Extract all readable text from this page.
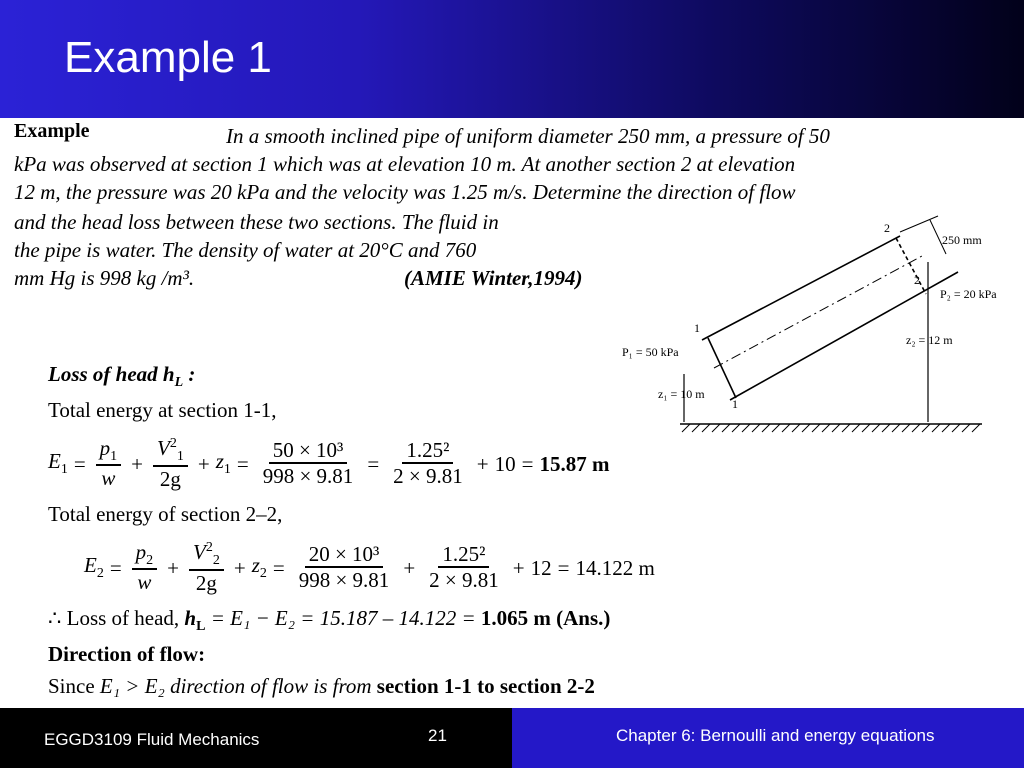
Example 1
Example	In a smooth inclined pipe of uniform diameter 250 mm, a pressure of 50
kPa was observed at section 1 which was at elevation 10 m. At another section 2 at elevation
12 m, the pressure was 20 kPa and the velocity was 1.25 m/s. Determine the direction of flow
and the head loss between these two sections. The fluid in
the pipe is water. The density of water at 20°C and 760
mm Hg is 998 kg /m³.	(AMIE Winter,1994)
2
250 mm
2
P₂ = 20 kPa
1
P₁ = 50 kPa
z₂ = 12 m
z₁ = 10 m
1
Loss of head $h_L$ :
Total energy at section 1-1,
$E_1 = \frac{p_1}{w} + \frac{V^2_1}{2g} + z_1 = \frac{\text{50 × 10³}}{998 \times 9.81} = \frac{\text{1.25²}}{2 \times 9.81} + 10 = 15.87$ m
Total energy of section 2–2,
$E_2 = \frac{p_2}{w} + \frac{V^2_2}{2g} + z_2 = \frac{\text{20 × 10³}}{998 \times 9.81} + \frac{\text{1.25²}}{2 \times 9.81} + 12 = 14.122$ m
∴ Loss of head, $h_L = E_1 - E_2 = 15.187 - 14.122 = 1.065$ m (Ans.)
Direction of flow:
Since E₁ > E₂ direction of flow is from section 1-1 to section 2-2
EGGD3109 Fluid Mechanics	21	Chapter 6: Bernoulli and energy equations
